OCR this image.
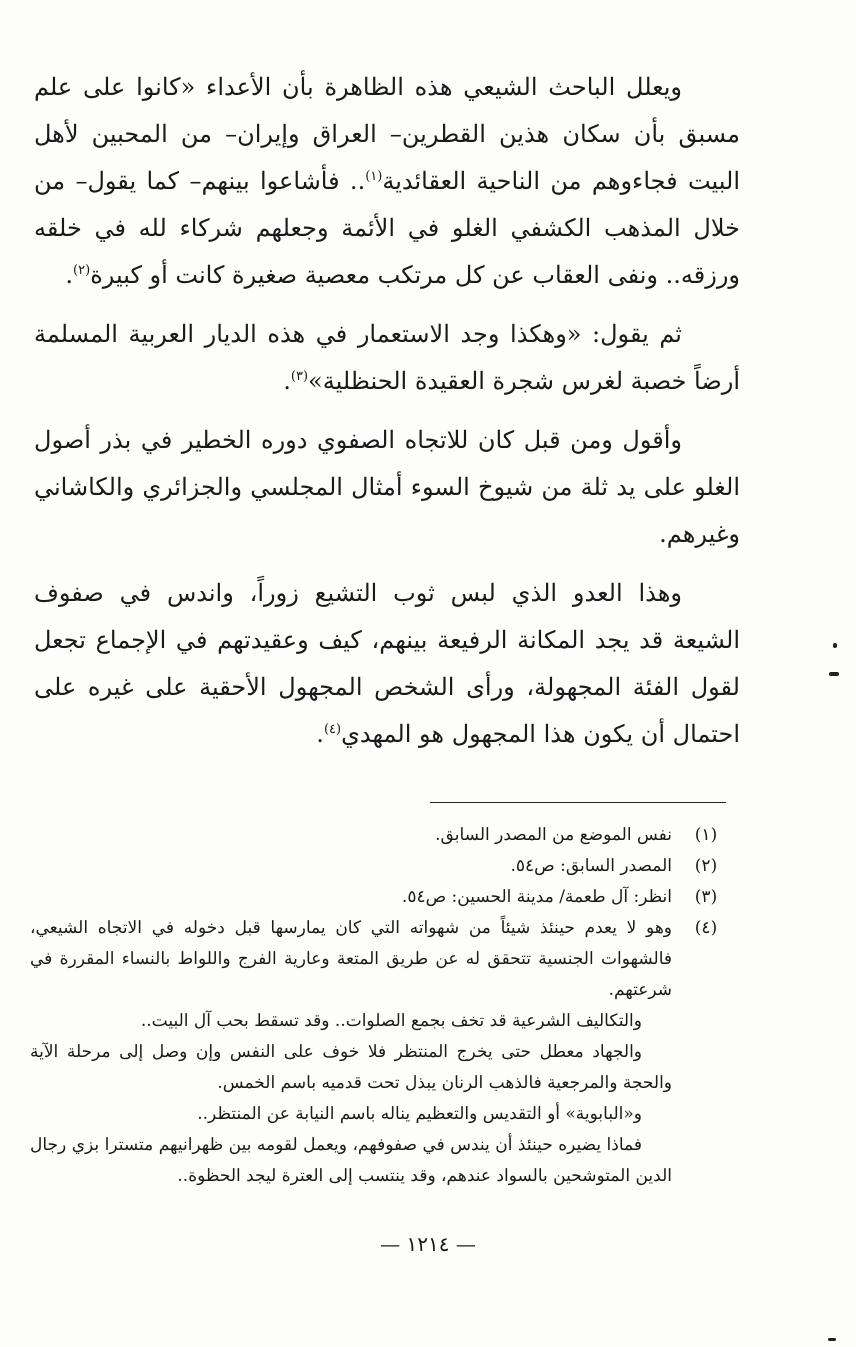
ويعلل الباحث الشيعي هذه الظاهرة بأن الأعداء «كانوا على علم مسبق بأن سكان هذين القطرين– العراق وإيران– من المحبين لأهل البيت فجاءوهم من الناحية العقائدية$^{(١)}$.. فأشاعوا بينهم– كما يقول– من خلال المذهب الكشفي الغلو في الأئمة وجعلهم شركاء لله في خلقه ورزقه.. ونفى العقاب عن كل مرتكب معصية صغيرة كانت أو كبيرة$^{(٢)}$.

ثم يقول: «وهكذا وجد الاستعمار في هذه الديار العربية المسلمة أرضاً خصبة لغرس شجرة العقيدة الحنظلية»$^{(٣)}$.

وأقول ومن قبل كان للاتجاه الصفوي دوره الخطير في بذر أصول الغلو على يد ثلة من شيوخ السوء أمثال المجلسي والجزائري والكاشاني وغيرهم.

وهذا العدو الذي لبس ثوب التشيع زوراً، واندس في صفوف الشيعة قد يجد المكانة الرفيعة بينهم، كيف وعقيدتهم في الإجماع تجعل لقول الفئة المجهولة، ورأى الشخص المجهول الأحقية على غيره على احتمال أن يكون هذا المجهول هو المهدي$^{(٤)}$.

(١)
نفس الموضع من المصدر السابق.
(٢)
المصدر السابق: ص٥٤.
(٣)
انظر: آل طعمة/ مدينة الحسين: ص٥٤.
(٤)

وهو لا يعدم حينئذ شيئاً من شهواته التي كان يمارسها قبل دخوله في الاتجاه الشيعي، فالشهوات الجنسية تتحقق له عن طريق المتعة وعارية الفرج واللواط بالنساء المقررة في شرعتهم.

والتكاليف الشرعية قد تخف بجمع الصلوات.. وقد تسقط بحب آل البيت..

والجهاد معطل حتى يخرج المنتظر فلا خوف على النفس وإن وصل إلى مرحلة الآية والحجة والمرجعية فالذهب الرنان يبذل تحت قدميه باسم الخمس.

و«البابوية» أو التقديس والتعظيم يناله باسم النيابة عن المنتظر..

فماذا يضيره حينئذ أن يندس في صفوفهم، ويعمل لقومه بين ظهرانيهم متسترا بزي رجال الدين المتوشحين بالسواد عندهم، وقد ينتسب إلى العترة ليجد الحظوة..

— ١٢١٤ —
